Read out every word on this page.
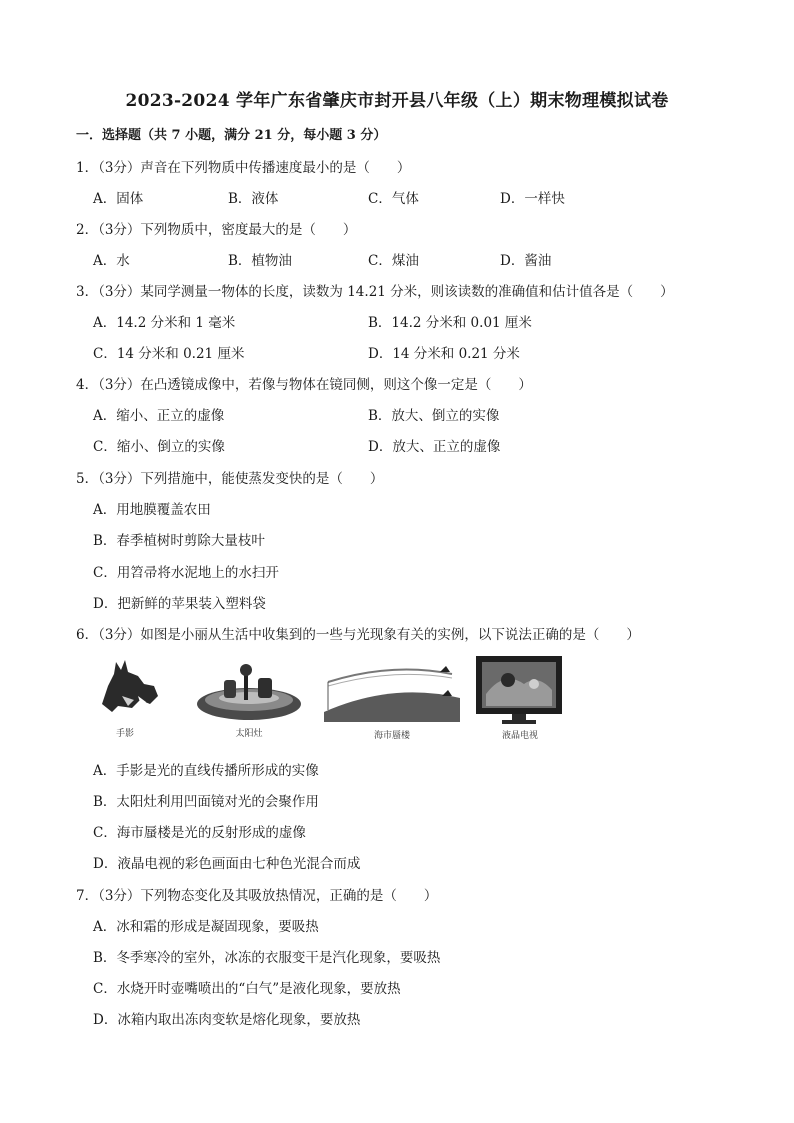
2023-2024 学年广东省肇庆市封开县八年级（上）期末物理模拟试卷
一．选择题（共 7 小题，满分 21 分，每小题 3 分）
1．（3分）声音在下列物质中传播速度最小的是（　　）
A．固体	B．液体	C．气体	D．一样快
2．（3分）下列物质中，密度最大的是（　　）
A．水	B．植物油	C．煤油	D．酱油
3．（3分）某同学测量一物体的长度，读数为 14.21 分米，则该读数的准确值和估计值各是（　　）
A．14.2 分米和 1 毫米	B．14.2 分米和 0.01 厘米
C．14 分米和 0.21 厘米	D．14 分米和 0.21 分米
4．（3分）在凸透镜成像中，若像与物体在镜同侧，则这个像一定是（　　）
A．缩小、正立的虚像	B．放大、倒立的实像
C．缩小、倒立的实像	D．放大、正立的虚像
5．（3分）下列措施中，能使蒸发变快的是（　　）
A．用地膜覆盖农田
B．春季植树时剪除大量枝叶
C．用笤帚将水泥地上的水扫开
D．把新鲜的苹果装入塑料袋
6．（3分）如图是小丽从生活中收集到的一些与光现象有关的实例，以下说法正确的是（　　）
手影	太阳灶	海市蜃楼	液晶电视
A．手影是光的直线传播所形成的实像
B．太阳灶利用凹面镜对光的会聚作用
C．海市蜃楼是光的反射形成的虚像
D．液晶电视的彩色画面由七种色光混合而成
7．（3分）下列物态变化及其吸放热情况，正确的是（　　）
A．冰和霜的形成是凝固现象，要吸热
B．冬季寒冷的室外，冰冻的衣服变干是汽化现象，要吸热
C．水烧开时壶嘴喷出的“白气”是液化现象，要放热
D．冰箱内取出冻肉变软是熔化现象，要放热
